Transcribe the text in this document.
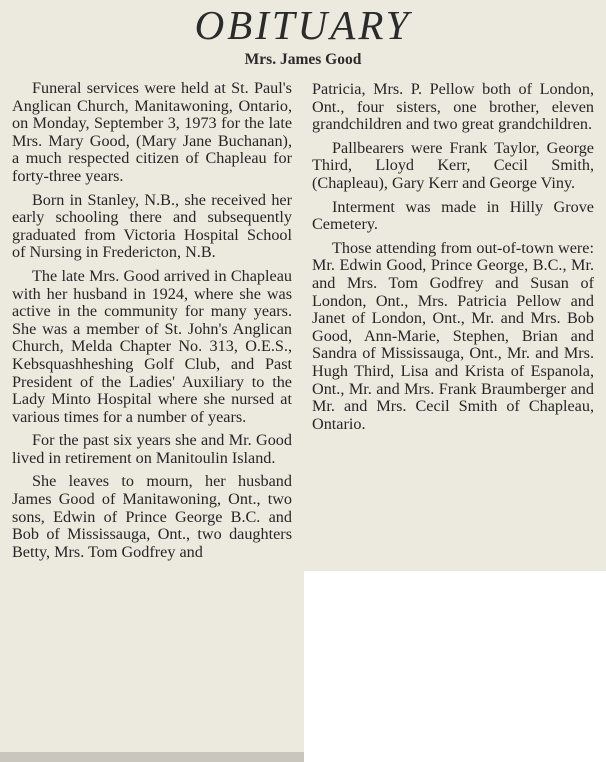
OBITUARY
Mrs. James Good

Funeral services were held at St. Paul's Anglican Church, Manitawoning, Ontario, on Monday, September 3, 1973 for the late Mrs. Mary Good, (Mary Jane Buchanan), a much respected citizen of Chapleau for forty-three years.

Born in Stanley, N.B., she received her early schooling there and subsequently graduated from Victoria Hospital School of Nursing in Fredericton, N.B.

The late Mrs. Good arrived in Chapleau with her husband in 1924, where she was active in the community for many years. She was a member of St. John's Anglican Church, Melda Chapter No. 313, O.E.S., Kebsquashheshing Golf Club, and Past President of the Ladies' Auxiliary to the Lady Minto Hospital where she nursed at various times for a number of years.

For the past six years she and Mr. Good lived in retirement on Manitoulin Island.

She leaves to mourn, her husband James Good of Manitawoning, Ont., two sons, Edwin of Prince George B.C. and Bob of Mississauga, Ont., two daughters Betty, Mrs. Tom Godfrey and

Patricia, Mrs. P. Pellow both of London, Ont., four sisters, one brother, eleven grandchildren and two great grandchildren.

Pallbearers were Frank Taylor, George Third, Lloyd Kerr, Cecil Smith, (Chapleau), Gary Kerr and George Viny.

Interment was made in Hilly Grove Cemetery.

Those attending from out-of-town were: Mr. Edwin Good, Prince George, B.C., Mr. and Mrs. Tom Godfrey and Susan of London, Ont., Mrs. Patricia Pellow and Janet of London, Ont., Mr. and Mrs. Bob Good, Ann-Marie, Stephen, Brian and Sandra of Mississauga, Ont., Mr. and Mrs. Hugh Third, Lisa and Krista of Espanola, Ont., Mr. and Mrs. Frank Braumberger and Mr. and Mrs. Cecil Smith of Chapleau, Ontario.
